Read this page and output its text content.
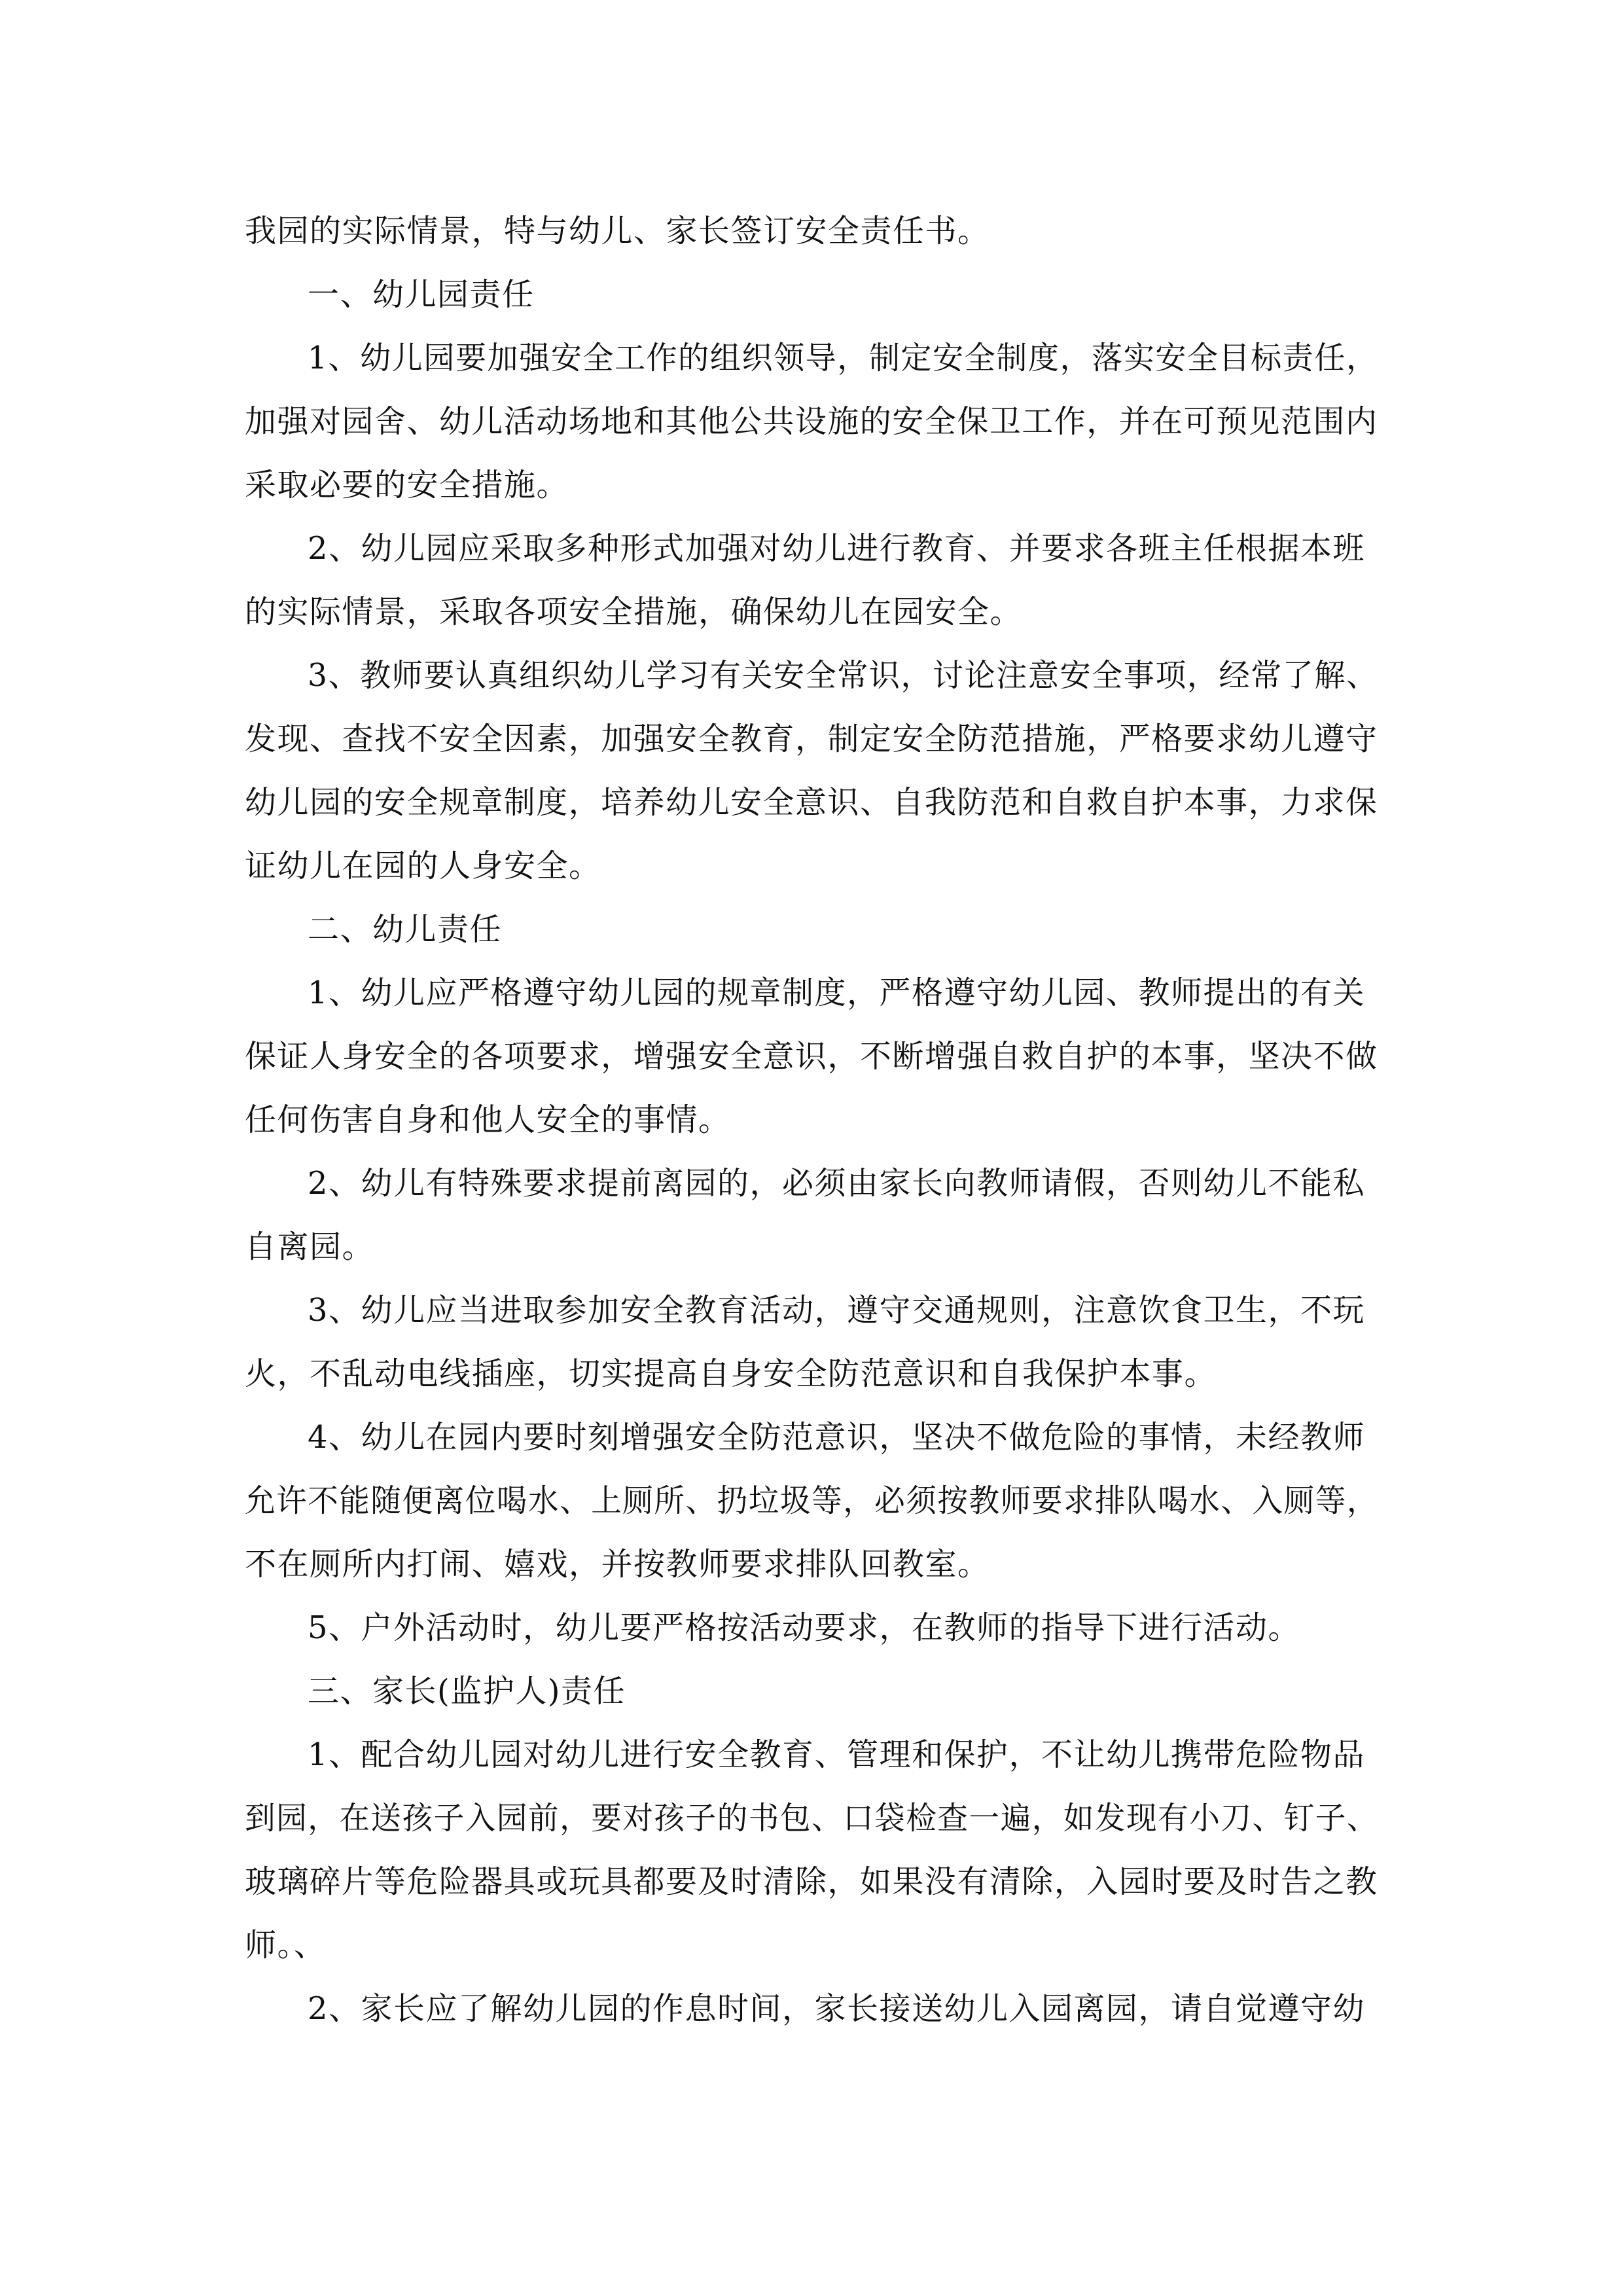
我园的实际情景，特与幼儿、家长签订安全责任书。
一、幼儿园责任
1、幼儿园要加强安全工作的组织领导，制定安全制度，落实安全目标责任，
加强对园舍、幼儿活动场地和其他公共设施的安全保卫工作，并在可预见范围内
采取必要的安全措施。
2、幼儿园应采取多种形式加强对幼儿进行教育、并要求各班主任根据本班
的实际情景，采取各项安全措施，确保幼儿在园安全。
3、教师要认真组织幼儿学习有关安全常识，讨论注意安全事项，经常了解、
发现、查找不安全因素，加强安全教育，制定安全防范措施，严格要求幼儿遵守
幼儿园的安全规章制度，培养幼儿安全意识、自我防范和自救自护本事，力求保
证幼儿在园的人身安全。
二、幼儿责任
1、幼儿应严格遵守幼儿园的规章制度，严格遵守幼儿园、教师提出的有关
保证人身安全的各项要求，增强安全意识，不断增强自救自护的本事，坚决不做
任何伤害自身和他人安全的事情。
2、幼儿有特殊要求提前离园的，必须由家长向教师请假，否则幼儿不能私
自离园。
3、幼儿应当进取参加安全教育活动，遵守交通规则，注意饮食卫生，不玩
火，不乱动电线插座，切实提高自身安全防范意识和自我保护本事。
4、幼儿在园内要时刻增强安全防范意识，坚决不做危险的事情，未经教师
允许不能随便离位喝水、上厕所、扔垃圾等，必须按教师要求排队喝水、入厕等，
不在厕所内打闹、嬉戏，并按教师要求排队回教室。
5、户外活动时，幼儿要严格按活动要求，在教师的指导下进行活动。
三、家长(监护人)责任
1、配合幼儿园对幼儿进行安全教育、管理和保护，不让幼儿携带危险物品
到园，在送孩子入园前，要对孩子的书包、口袋检查一遍，如发现有小刀、钉子、
玻璃碎片等危险器具或玩具都要及时清除，如果没有清除，入园时要及时告之教
师。、
2、家长应了解幼儿园的作息时间，家长接送幼儿入园离园，请自觉遵守幼
